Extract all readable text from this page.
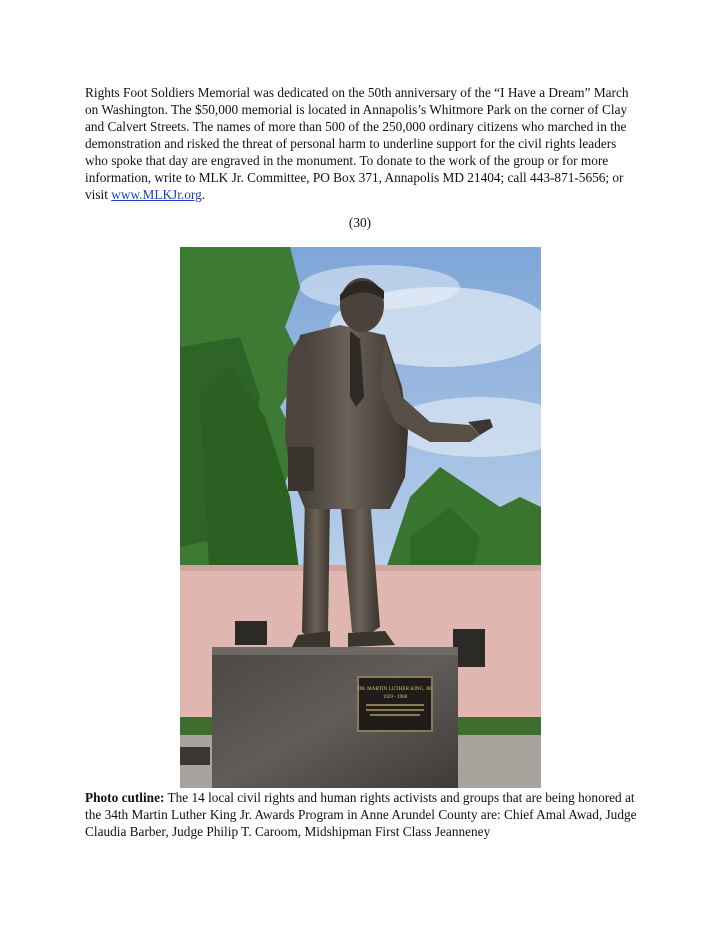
Rights Foot Soldiers Memorial was dedicated on the 50th anniversary of the “I Have a Dream” March on Washington. The $50,000 memorial is located in Annapolis’s Whitmore Park on the corner of Clay and Calvert Streets. The names of more than 500 of the 250,000 ordinary citizens who marched in the demonstration and risked the threat of personal harm to underline support for the civil rights leaders who spoke that day are engraved in the monument. To donate to the work of the group or for more information, write to MLK Jr. Committee, PO Box 371, Annapolis MD 21404; call 443-871-5656; or visit www.MLKJr.org.

(30)
DR. MARTIN LUTHER KING, JR.
1929 - 1968

Photo cutline: The 14 local civil rights and human rights activists and groups that are being honored at the 34th Martin Luther King Jr. Awards Program in Anne Arundel County are: Chief Amal Awad, Judge Claudia Barber, Judge Philip T. Caroom, Midshipman First Class Jeanneney
